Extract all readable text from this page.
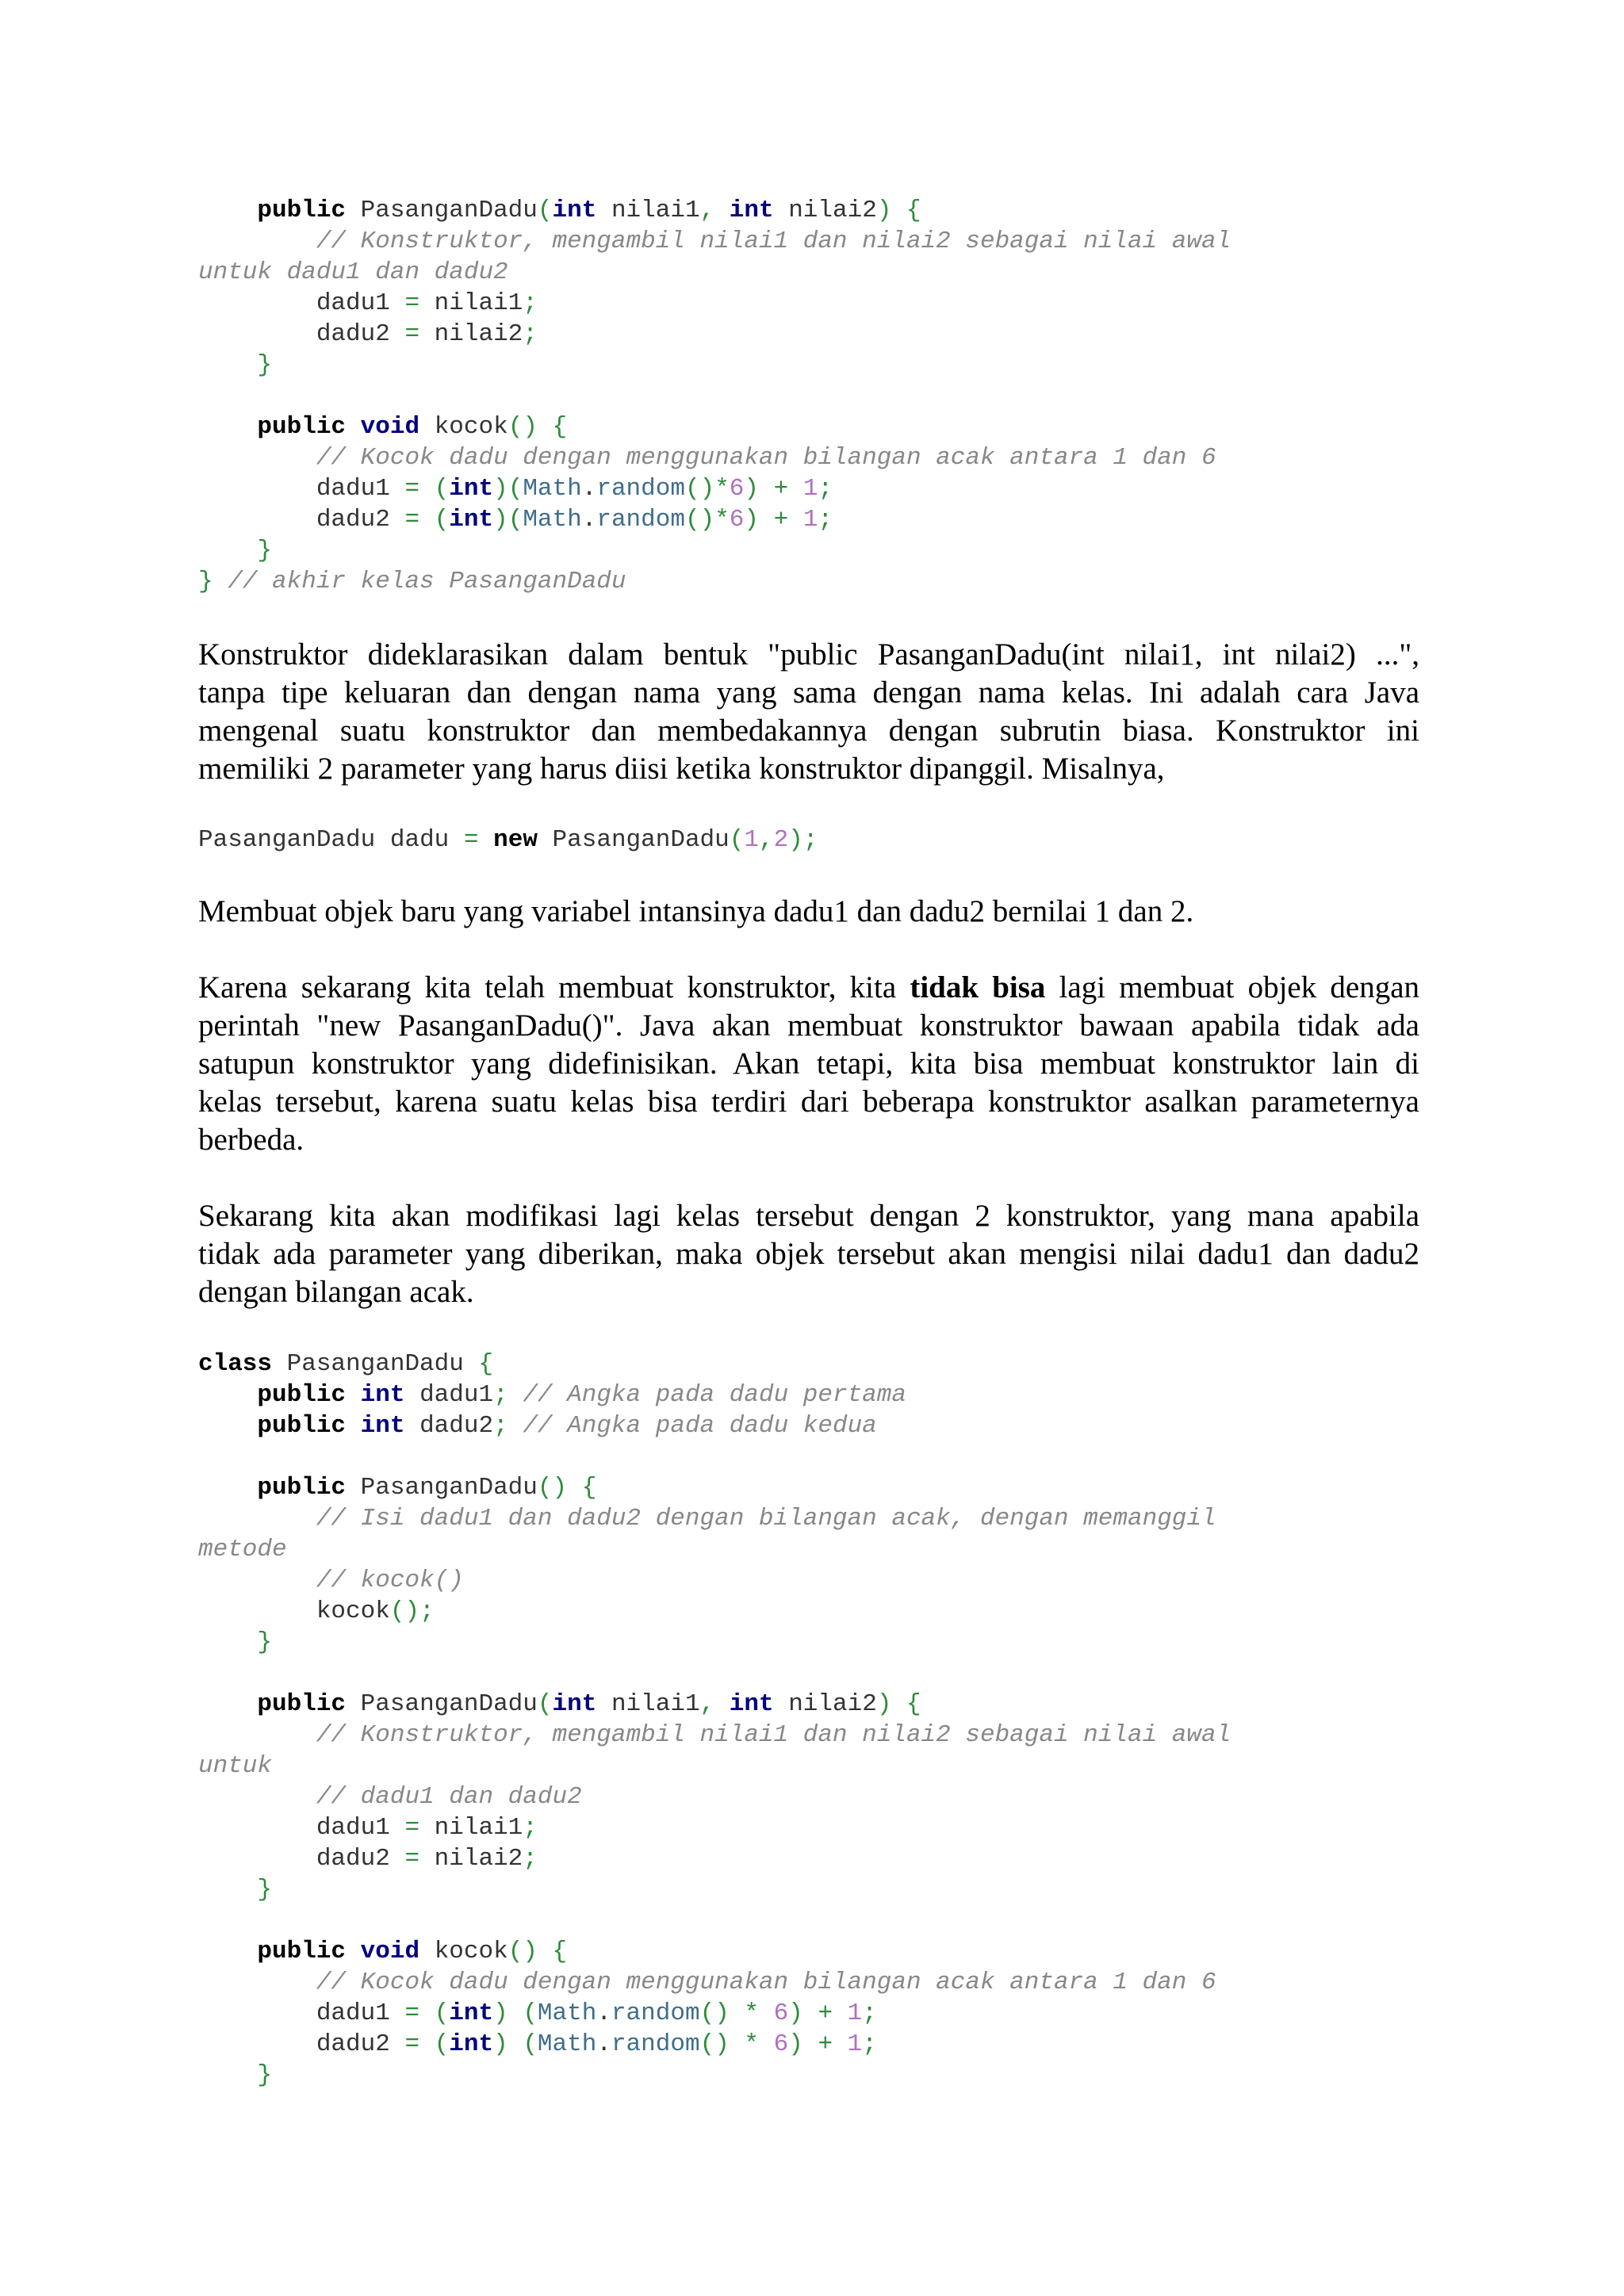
public PasanganDadu(int nilai1, int nilai2) {
// Konstruktor, mengambil nilai1 dan nilai2 sebagai nilai awal
untuk dadu1 dan dadu2
dadu1 = nilai1;
dadu2 = nilai2;
}
public void kocok() {
// Kocok dadu dengan menggunakan bilangan acak antara 1 dan 6
dadu1 = (int)(Math.random()*6) + 1;
dadu2 = (int)(Math.random()*6) + 1;
}
} // akhir kelas PasanganDadu
Konstruktor dideklarasikan dalam bentuk "public PasanganDadu(int nilai1, int nilai2) ...",
tanpa tipe keluaran dan dengan nama yang sama dengan nama kelas. Ini adalah cara Java
mengenal suatu konstruktor dan membedakannya dengan subrutin biasa. Konstruktor ini
memiliki 2 parameter yang harus diisi ketika konstruktor dipanggil. Misalnya,
PasanganDadu dadu = new PasanganDadu(1,2);
Membuat objek baru yang variabel intansinya dadu1 dan dadu2 bernilai 1 dan 2.
Karena sekarang kita telah membuat konstruktor, kita tidak bisa lagi membuat objek dengan
perintah "new PasanganDadu()". Java akan membuat konstruktor bawaan apabila tidak ada
satupun konstruktor yang didefinisikan. Akan tetapi, kita bisa membuat konstruktor lain di
kelas tersebut, karena suatu kelas bisa terdiri dari beberapa konstruktor asalkan parameternya
berbeda.
Sekarang kita akan modifikasi lagi kelas tersebut dengan 2 konstruktor, yang mana apabila
tidak ada parameter yang diberikan, maka objek tersebut akan mengisi nilai dadu1 dan dadu2
dengan bilangan acak.
class PasanganDadu {
public int dadu1; // Angka pada dadu pertama
public int dadu2; // Angka pada dadu kedua
public PasanganDadu() {
// Isi dadu1 dan dadu2 dengan bilangan acak, dengan memanggil
metode
// kocok()
kocok();
}
public PasanganDadu(int nilai1, int nilai2) {
// Konstruktor, mengambil nilai1 dan nilai2 sebagai nilai awal
untuk
// dadu1 dan dadu2
dadu1 = nilai1;
dadu2 = nilai2;
}
public void kocok() {
// Kocok dadu dengan menggunakan bilangan acak antara 1 dan 6
dadu1 = (int) (Math.random() * 6) + 1;
dadu2 = (int) (Math.random() * 6) + 1;
}
